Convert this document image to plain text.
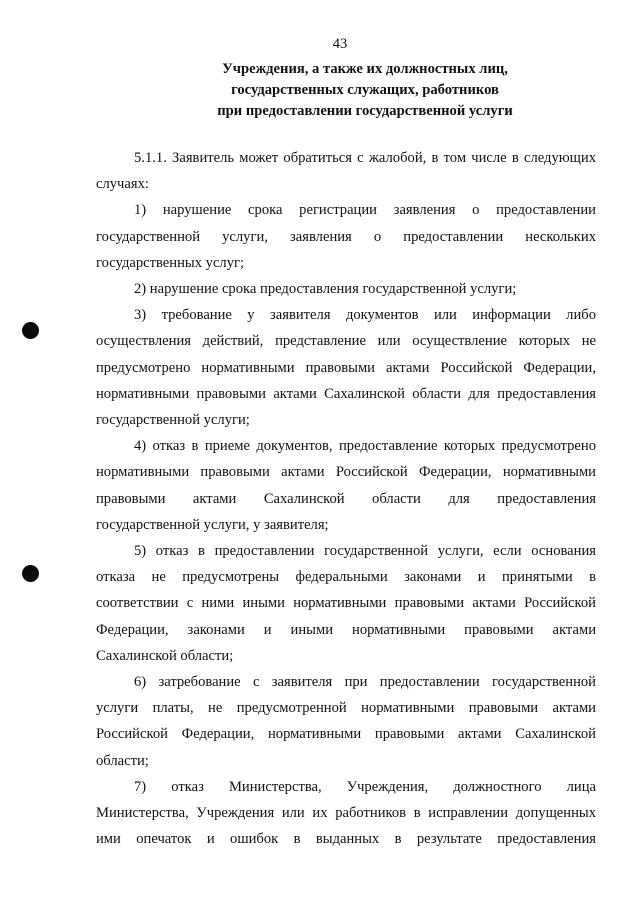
43
Учреждения, а также их должностных лиц,
государственных служащих, работников
при предоставлении государственной услуги
5.1.1. Заявитель может обратиться с жалобой, в том числе в следующих
случаях:
1) нарушение срока регистрации заявления о предоставлении
государственной услуги, заявления о предоставлении нескольких
государственных услуг;
2) нарушение срока предоставления государственной услуги;
3) требование у заявителя документов или информации либо
осуществления действий, представление или осуществление которых не
предусмотрено нормативными правовыми актами Российской Федерации,
нормативными правовыми актами Сахалинской области для предоставления
государственной услуги;
4) отказ в приеме документов, предоставление которых предусмотрено
нормативными правовыми актами Российской Федерации, нормативными
правовыми актами Сахалинской области для предоставления
государственной услуги, у заявителя;
5) отказ в предоставлении государственной услуги, если основания
отказа не предусмотрены федеральными законами и принятыми в
соответствии с ними иными нормативными правовыми актами Российской
Федерации, законами и иными нормативными правовыми актами
Сахалинской области;
6) затребование с заявителя при предоставлении государственной
услуги платы, не предусмотренной нормативными правовыми актами
Российской Федерации, нормативными правовыми актами Сахалинской
области;
7) отказ Министерства, Учреждения, должностного лица
Министерства, Учреждения или их работников в исправлении допущенных
ими опечаток и ошибок в выданных в результате предоставления
